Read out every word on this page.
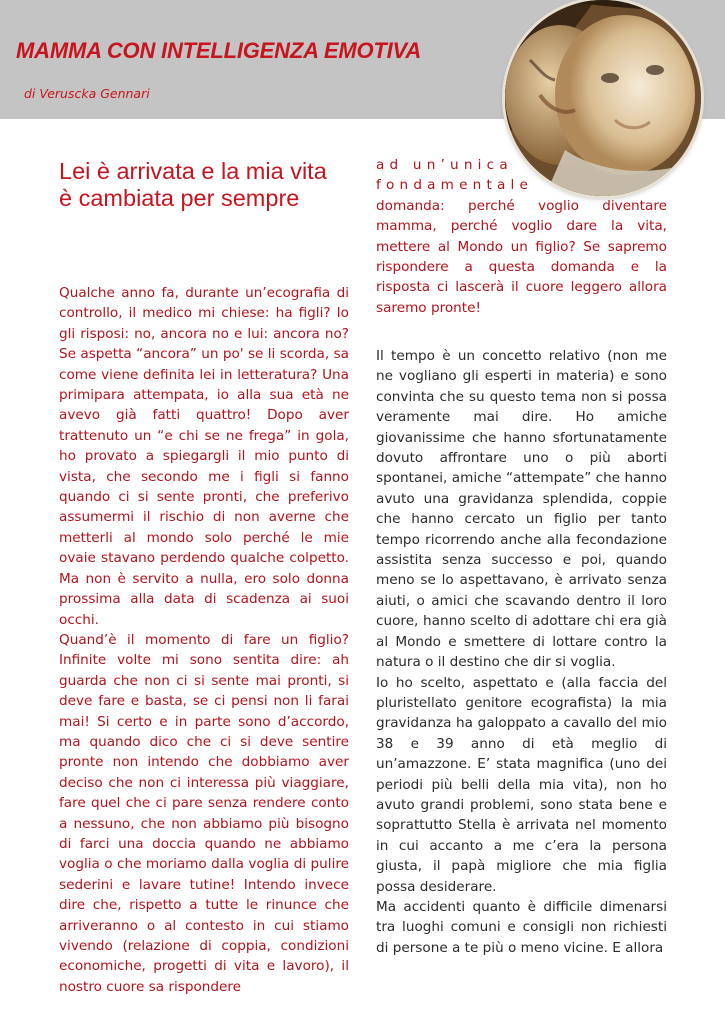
MAMMA CON INTELLIGENZA EMOTIVA
di Veruscka Gennari
Lei è arrivata e la mia vita è cambiata per sempre

Qualche anno fa, durante un’ecografia di controllo, il medico mi chiese: ha figli? Io gli risposi: no, ancora no e lui: ancora no? Se aspetta “ancora” un po' se li scorda, sa come viene definita lei in letteratura? Una primipara attempata, io alla sua età ne avevo già fatti quattro! Dopo aver trattenuto un “e chi se ne frega” in gola, ho provato a spiegargli il mio punto di vista, che secondo me i figli si fanno quando ci si sente pronti, che preferivo assumermi il rischio di non averne che metterli al mondo solo perché le mie ovaie stavano perdendo qualche colpetto. Ma non è servito a nulla, ero solo donna prossima alla data di scadenza ai suoi occhi.

Quand’è il momento di fare un figlio? Infinite volte mi sono sentita dire: ah guarda che non ci si sente mai pronti, si deve fare e basta, se ci pensi non li farai mai! Si certo e in parte sono d’accordo, ma quando dico che ci si deve sentire pronte non intendo che dobbiamo aver deciso che non ci interessa più viaggiare, fare quel che ci pare senza rendere conto a nessuno, che non abbiamo più bisogno di farci una doccia quando ne abbiamo voglia o che moriamo dalla voglia di pulire sederini e lavare tutine! Intendo invece dire che, rispetto a tutte le rinunce che arriveranno o al contesto in cui stiamo vivendo (relazione di coppia, condizioni economiche, progetti di vita e lavoro), il nostro cuore sa rispondere

ad un’unica
fondamentale

domanda: perché voglio diventare mamma, perché voglio dare la vita, mettere al Mondo un figlio? Se sapremo rispondere a questa domanda e la risposta ci lascerà il cuore leggero allora saremo pronte!

Il tempo è un concetto relativo (non me ne vogliano gli esperti in materia) e sono convinta che su questo tema non si possa veramente mai dire. Ho amiche giovanissime che hanno sfortunatamente dovuto affrontare uno o più aborti spontanei, amiche “attempate” che hanno avuto una gravidanza splendida, coppie che hanno cercato un figlio per tanto tempo ricorrendo anche alla fecondazione assistita senza successo e poi, quando meno se lo aspettavano, è arrivato senza aiuti, o amici che scavando dentro il loro cuore, hanno scelto di adottare chi era già al Mondo e smettere di lottare contro la natura o il destino che dir si voglia.

Io ho scelto, aspettato e (alla faccia del pluristellato genitore ecografista) la mia gravidanza ha galoppato a cavallo del mio 38 e 39 anno di età meglio di un’amazzone. E’ stata magnifica (uno dei periodi più belli della mia vita), non ho avuto grandi problemi, sono stata bene e soprattutto Stella è arrivata nel momento in cui accanto a me c’era la persona giusta, il papà migliore che mia figlia possa desiderare.

Ma accidenti quanto è difficile dimenarsi tra luoghi comuni e consigli non richiesti di persone a te più o meno vicine. E allora
